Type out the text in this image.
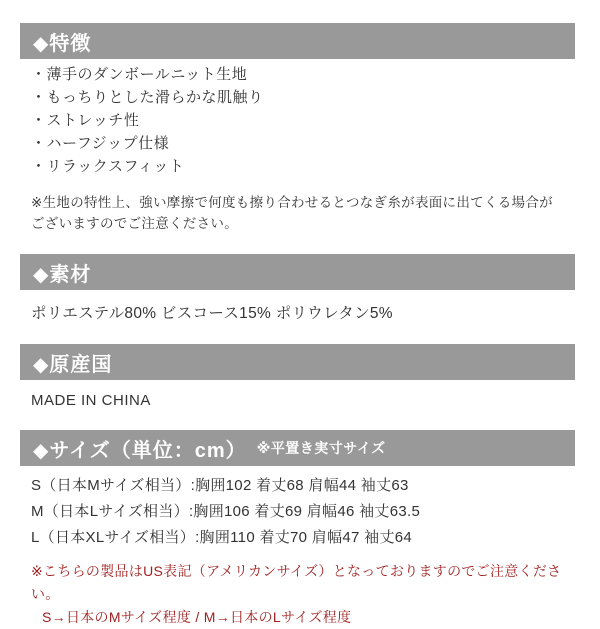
◆特徴
・薄手のダンボールニット生地
・もっちりとした滑らかな肌触り
・ストレッチ性
・ハーフジップ仕様
・リラックスフィット
※生地の特性上、強い摩擦で何度も擦り合わせるとつなぎ糸が表面に出てくる場合が
ございますのでご注意ください。
◆素材
ポリエステル80% ビスコース15% ポリウレタン5%
◆原産国
MADE IN CHINA
◆サイズ（単位：cm） ※平置き実寸サイズ
S（日本Mサイズ相当）:胸囲102 着丈68 肩幅44 袖丈63
M（日本Lサイズ相当）:胸囲106 着丈69 肩幅46 袖丈63.5
L（日本XLサイズ相当）:胸囲110 着丈70 肩幅47 袖丈64
※こちらの製品はUS表記（アメリカンサイズ）となっておりますのでご注意ください。
S→日本のMサイズ程度 / M→日本のLサイズ程度
